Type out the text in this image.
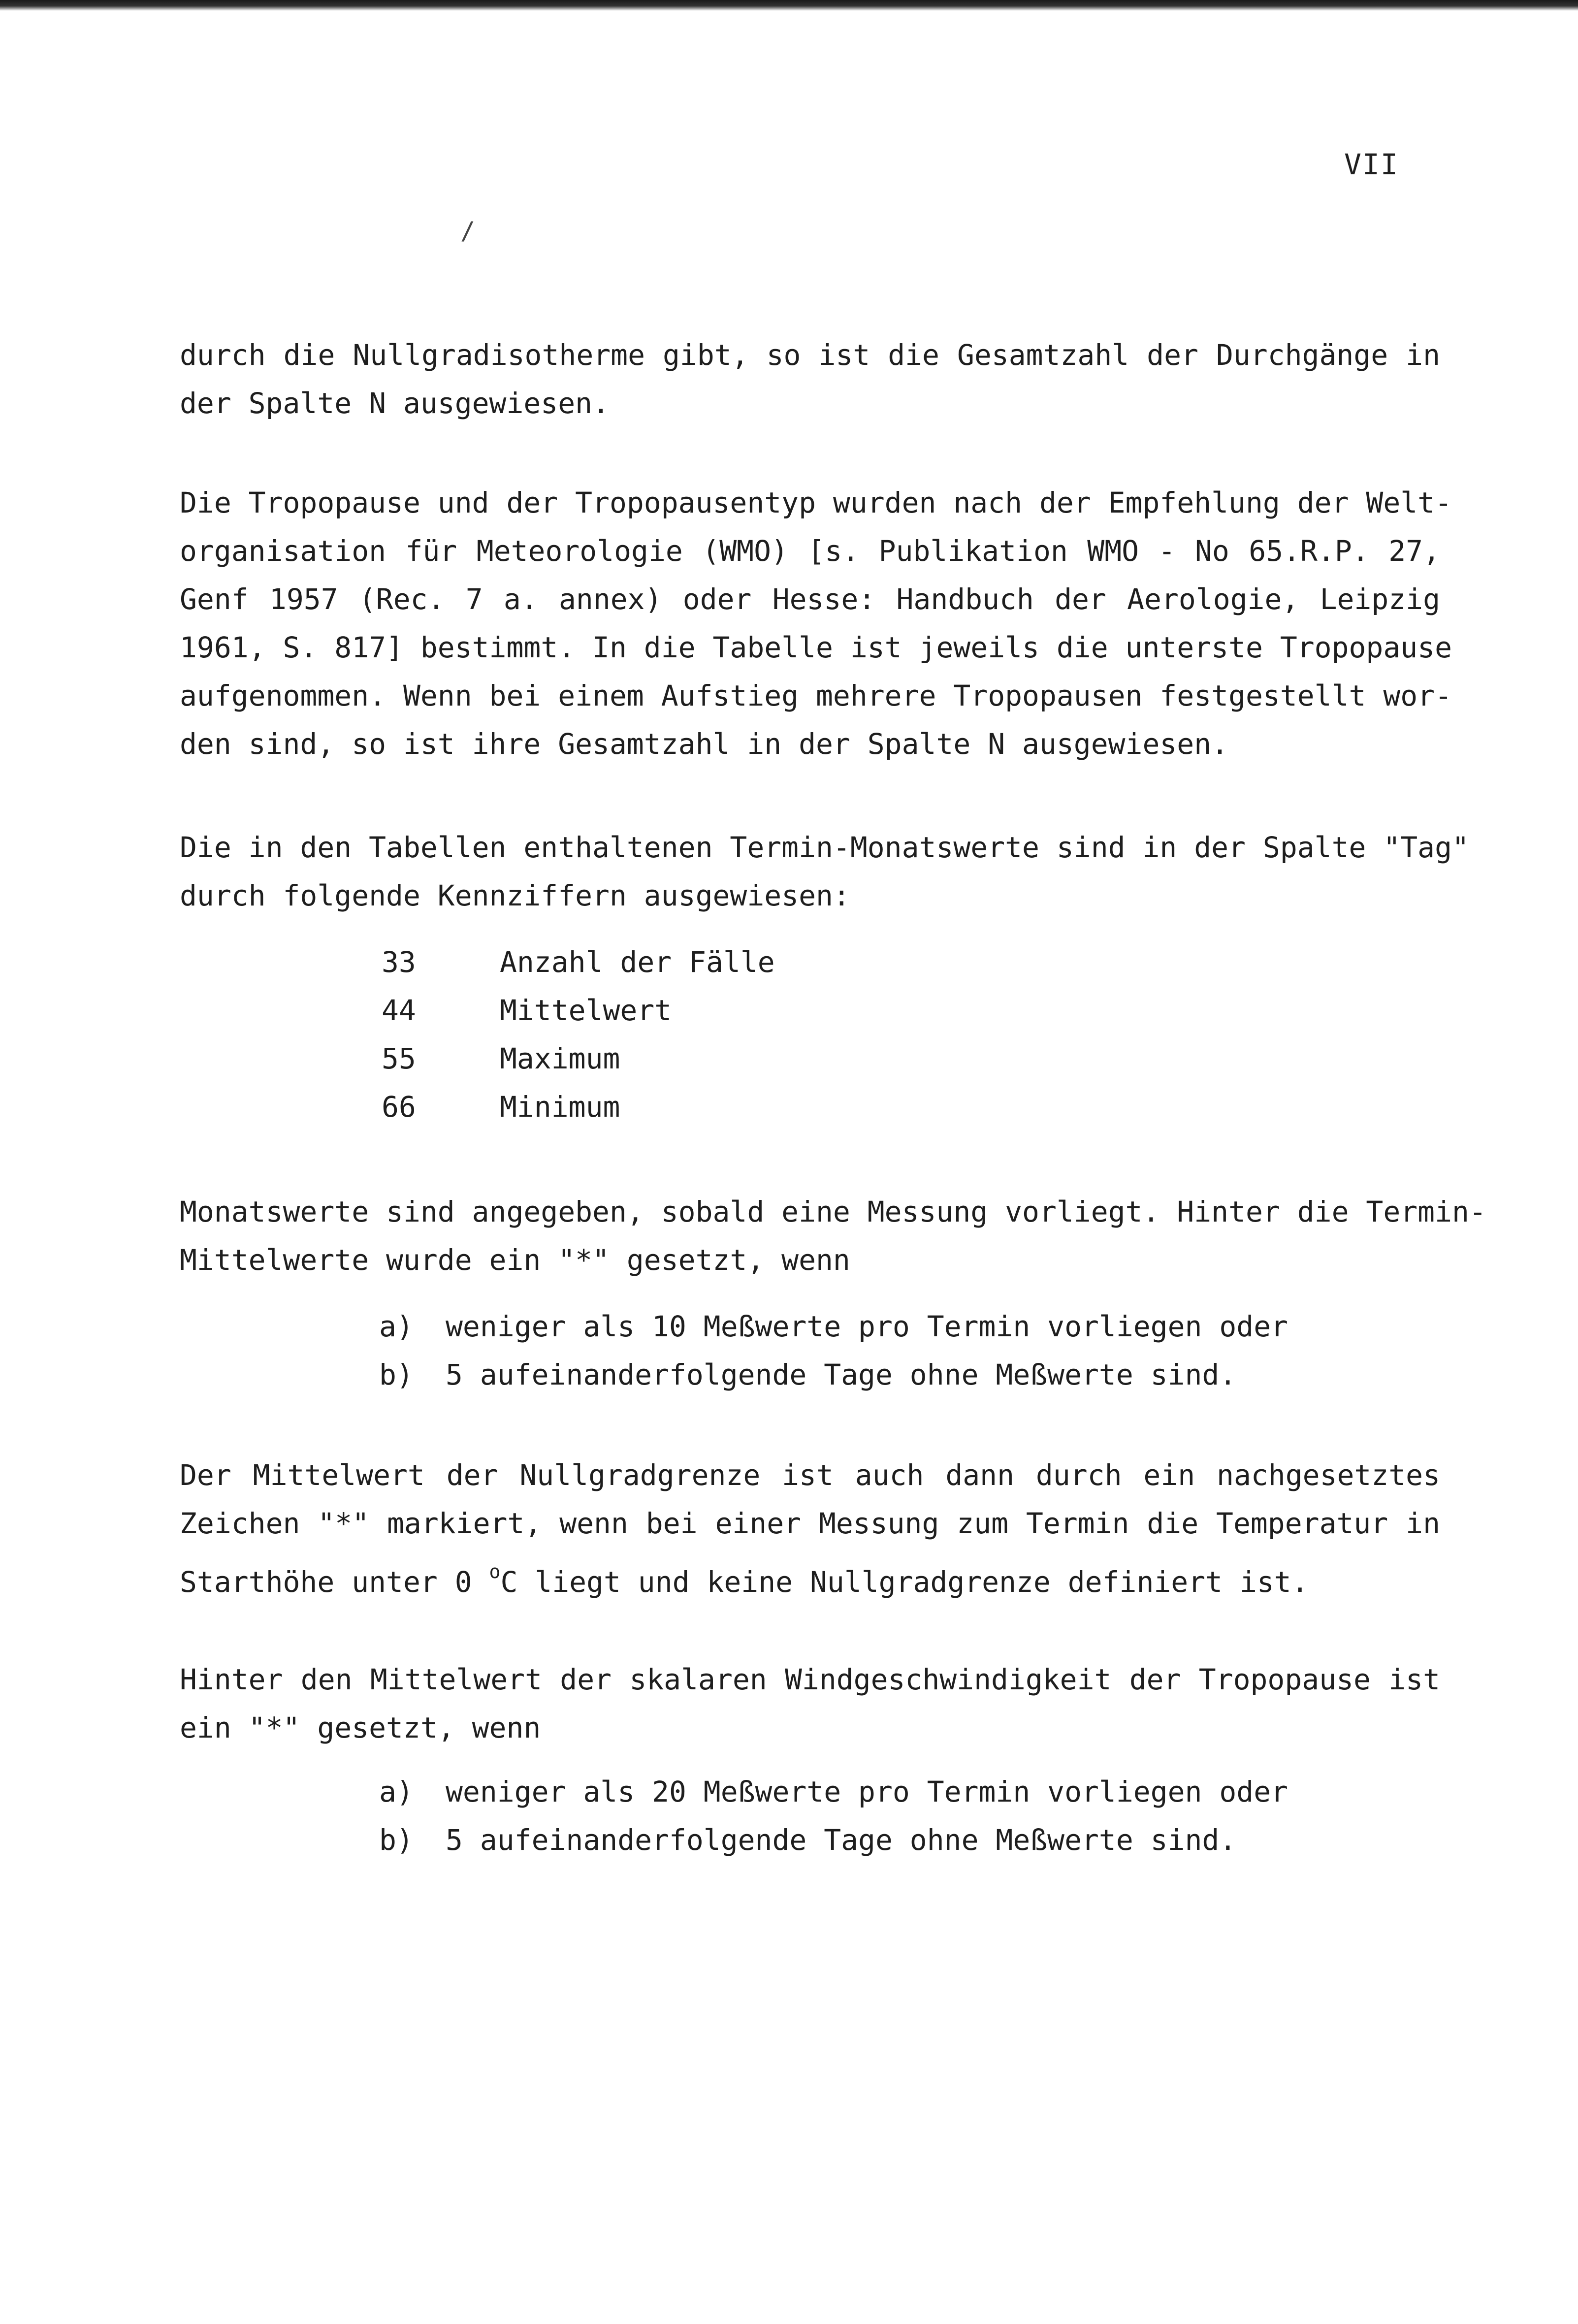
VII
/
durch die Nullgradisotherme gibt, so ist die Gesamtzahl der Durchgänge in
der Spalte N ausgewiesen.
Die Tropopause und der Tropopausentyp wurden nach der Empfehlung der Welt-
organisation für Meteorologie (WMO) [s. Publikation WMO - No 65.R.P. 27,
Genf 1957 (Rec. 7 a. annex) oder Hesse: Handbuch der Aerologie, Leipzig
1961, S. 817] bestimmt. In die Tabelle ist jeweils die unterste Tropopause
aufgenommen. Wenn bei einem Aufstieg mehrere Tropopausen festgestellt wor-
den sind, so ist ihre Gesamtzahl in der Spalte N ausgewiesen.
Die in den Tabellen enthaltenen Termin-Monatswerte sind in der Spalte "Tag"
durch folgende Kennziffern ausgewiesen:
33	Anzahl der Fälle
44	Mittelwert
55	Maximum
66	Minimum
Monatswerte sind angegeben, sobald eine Messung vorliegt. Hinter die Termin-
Mittelwerte wurde ein "*" gesetzt, wenn
a) weniger als 10 Meßwerte pro Termin vorliegen oder
b) 5 aufeinanderfolgende Tage ohne Meßwerte sind.
Der Mittelwert der Nullgradgrenze ist auch dann durch ein nachgesetztes
Zeichen "*" markiert, wenn bei einer Messung zum Termin die Temperatur in
Starthöhe unter 0 $^o$C liegt und keine Nullgradgrenze definiert ist.
Hinter den Mittelwert der skalaren Windgeschwindigkeit der Tropopause ist
ein "*" gesetzt, wenn
a) weniger als 20 Meßwerte pro Termin vorliegen oder
b) 5 aufeinanderfolgende Tage ohne Meßwerte sind.
